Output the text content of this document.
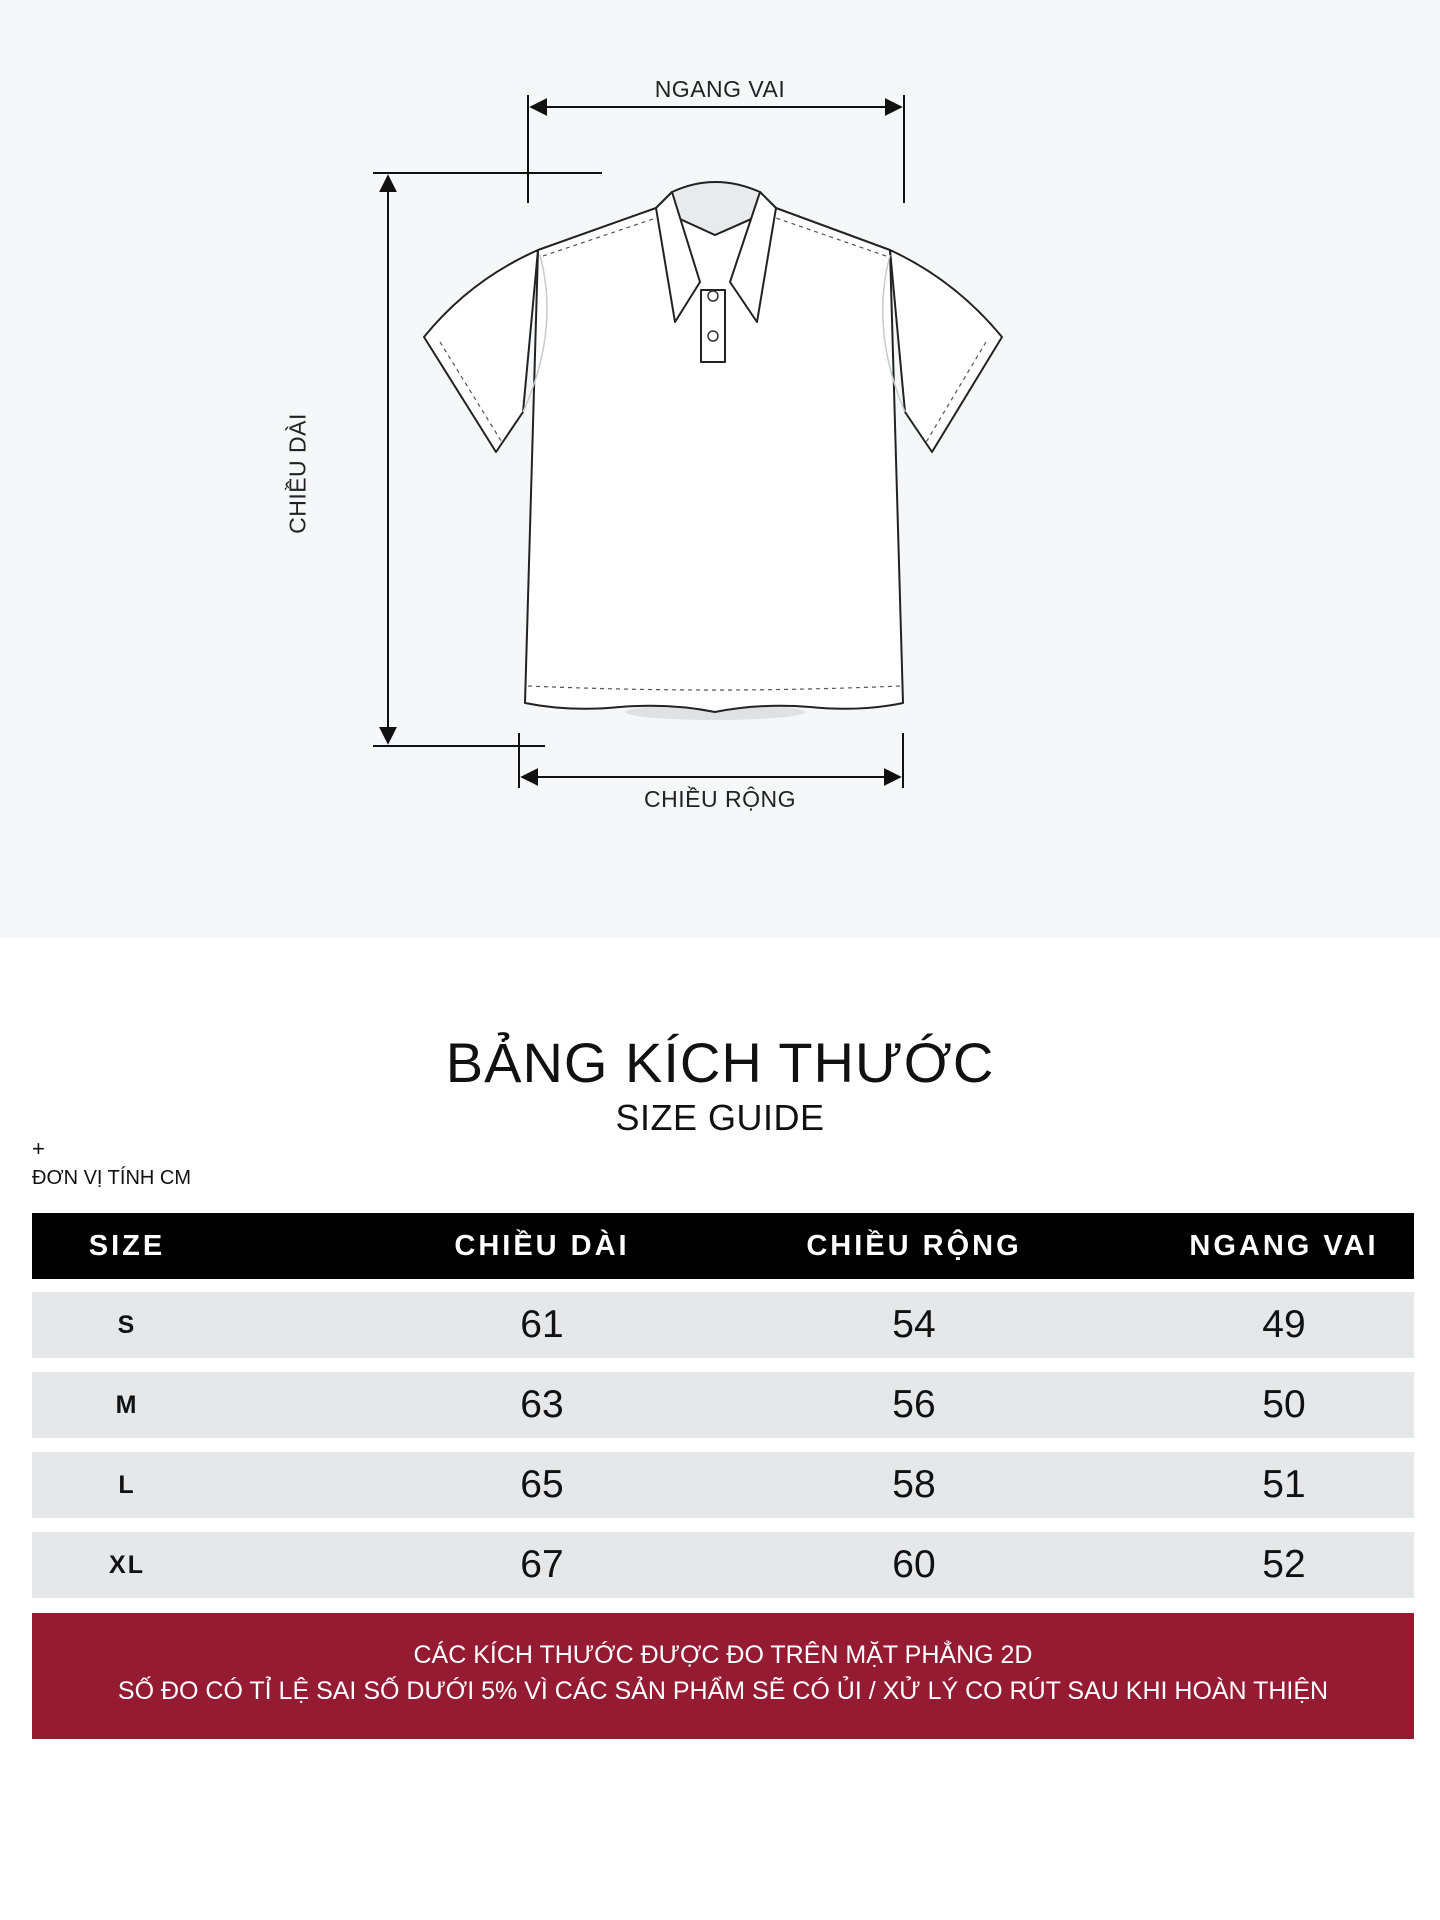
NGANG VAI
CHIỀU DÀI
CHIỀU RỘNG
BẢNG KÍCH THƯỚC
SIZE GUIDE
+
ĐƠN VỊ TÍNH CM
SIZE	CHIỀU DÀI	CHIỀU RỘNG	NGANG VAI
S	61	54	49
M	63	56	50
L	65	58	51
XL	67	60	52
CÁC KÍCH THƯỚC ĐƯỢC ĐO TRÊN MẶT PHẲNG 2D
SỐ ĐO CÓ TỈ LỆ SAI SỐ DƯỚI 5% VÌ CÁC SẢN PHẨM SẼ CÓ ỦI / XỬ LÝ CO RÚT SAU KHI HOÀN THIỆN
